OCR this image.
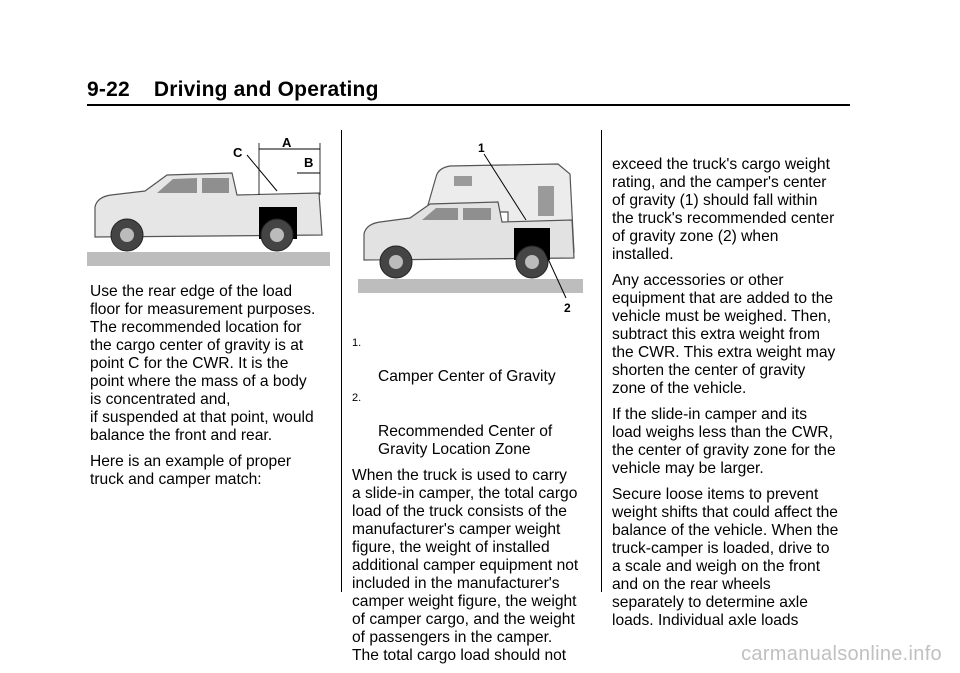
9-22 Driving and Operating
C
A
B

Use the rear edge of the load
floor for measurement purposes.
The recommended location for
the cargo center of gravity is at
point C for the CWR. It is the
point where the mass of a body
is concentrated and,
if suspended at that point, would
balance the front and rear.

Here is an example of proper
truck and camper match:

1
2

1.

Camper Center of Gravity

2.

Recommended Center of
Gravity Location Zone

When the truck is used to carry
a slide-in camper, the total cargo
load of the truck consists of the
manufacturer's camper weight
figure, the weight of installed
additional camper equipment not
included in the manufacturer's
camper weight figure, the weight
of camper cargo, and the weight
of passengers in the camper.
The total cargo load should not

exceed the truck's cargo weight
rating, and the camper's center
of gravity (1) should fall within
the truck's recommended center
of gravity zone (2) when
installed.

Any accessories or other
equipment that are added to the
vehicle must be weighed. Then,
subtract this extra weight from
the CWR. This extra weight may
shorten the center of gravity
zone of the vehicle.

If the slide-in camper and its
load weighs less than the CWR,
the center of gravity zone for the
vehicle may be larger.

Secure loose items to prevent
weight shifts that could affect the
balance of the vehicle. When the
truck-camper is loaded, drive to
a scale and weigh on the front
and on the rear wheels
separately to determine axle
loads. Individual axle loads

carmanualsonline.info
